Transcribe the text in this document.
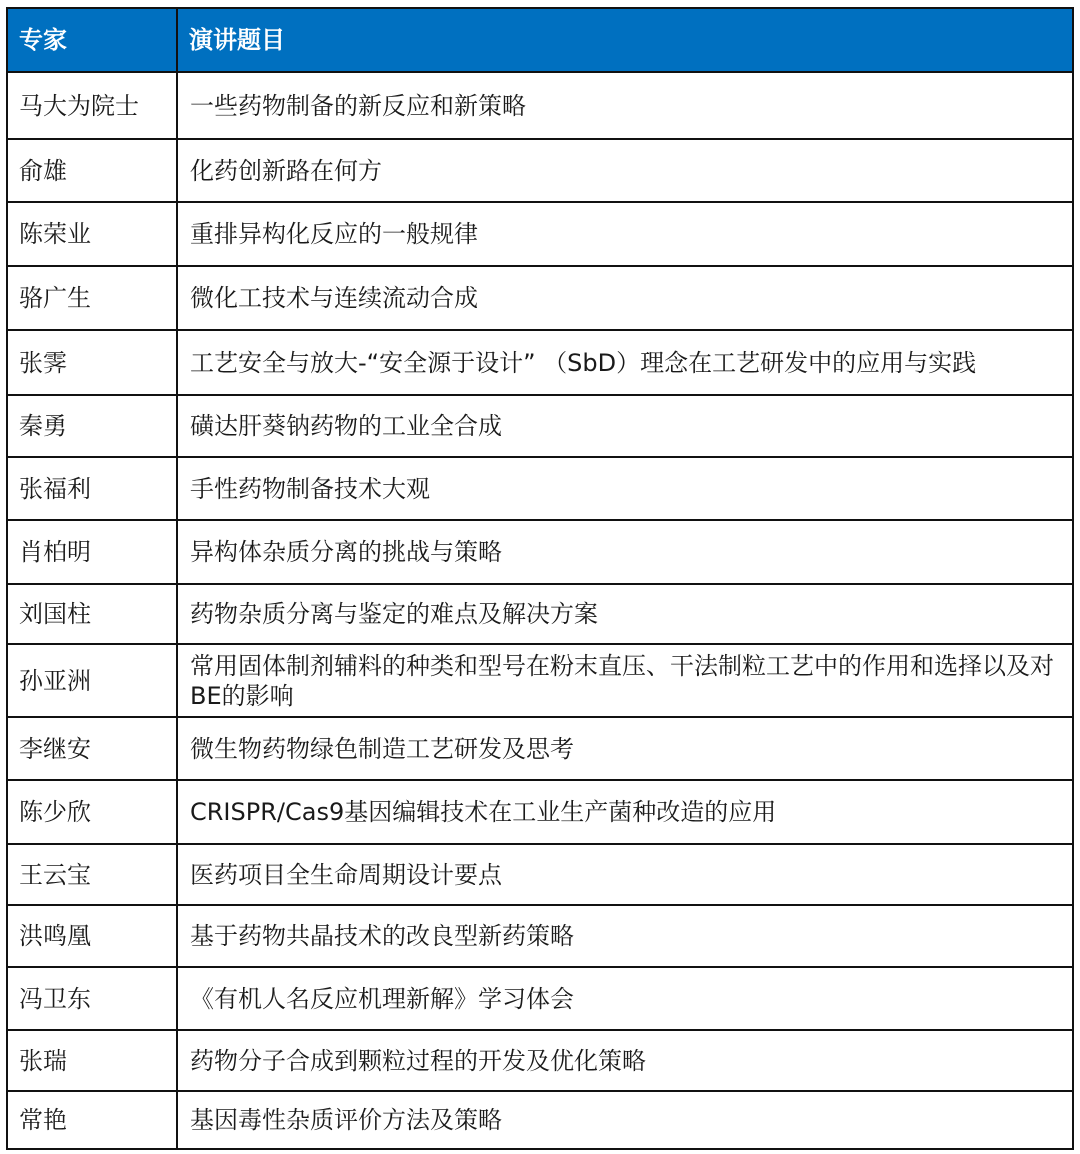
专家	演讲题目
马大为院士	一些药物制备的新反应和新策略
俞雄	化药创新路在何方
陈荣业	重排异构化反应的一般规律
骆广生	微化工技术与连续流动合成
张霁	工艺安全与放大-“安全源于设计” （SbD）理念在工艺研发中的应用与实践
秦勇	磺达肝葵钠药物的工业全合成
张福利	手性药物制备技术大观
肖柏明	异构体杂质分离的挑战与策略
刘国柱	药物杂质分离与鉴定的难点及解决方案
孙亚洲	常用固体制剂辅料的种类和型号在粉末直压、干法制粒工艺中的作用和选择以及对BE的影响
李继安	微生物药物绿色制造工艺研发及思考
陈少欣	CRISPR/Cas9基因编辑技术在工业生产菌种改造的应用
王云宝	医药项目全生命周期设计要点
洪鸣凰	基于药物共晶技术的改良型新药策略
冯卫东	《有机人名反应机理新解》学习体会
张瑞	药物分子合成到颗粒过程的开发及优化策略
常艳	基因毒性杂质评价方法及策略
